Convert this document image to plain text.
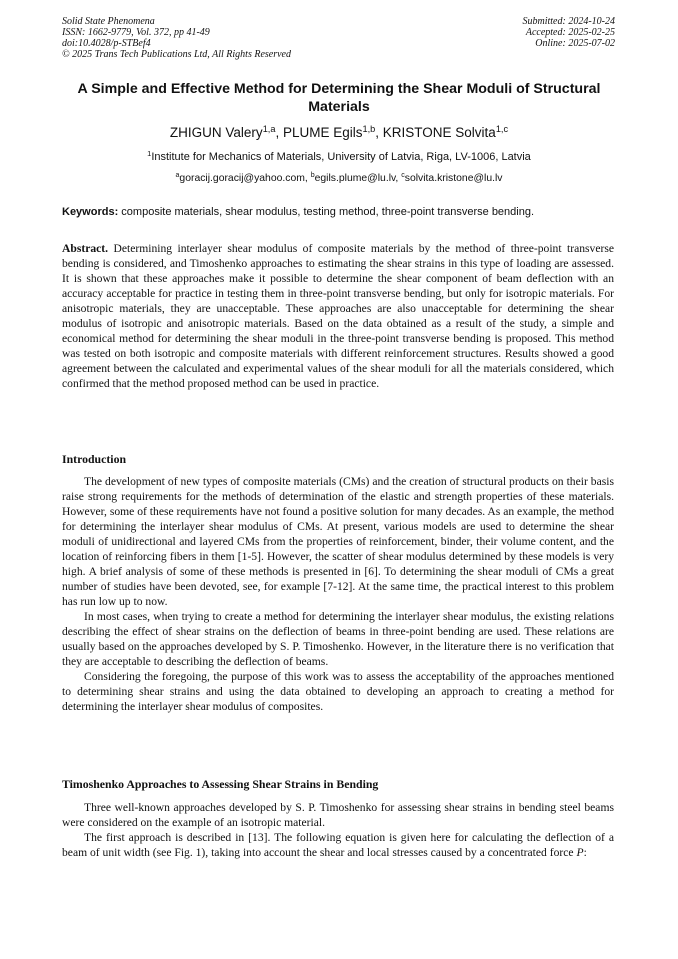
Solid State Phenomena
ISSN: 1662-9779, Vol. 372, pp 41-49
doi:10.4028/p-STBef4
© 2025 Trans Tech Publications Ltd, All Rights Reserved
Submitted: 2024-10-24
Accepted: 2025-02-25
Online: 2025-07-02
A Simple and Effective Method for Determining the Shear Moduli of Structural Materials
ZHIGUN Valery$^{1,a}$, PLUME Egils$^{1,b}$, KRISTONE Solvita$^{1,c}$
$^1$Institute for Mechanics of Materials, University of Latvia, Riga, LV-1006, Latvia
$^a$goracij.goracij@yahoo.com, $^b$egils.plume@lu.lv, $^c$solvita.kristone@lu.lv
Keywords: composite materials, shear modulus, testing method, three-point transverse bending.
Abstract. Determining interlayer shear modulus of composite materials by the method of three-point transverse bending is considered, and Timoshenko approaches to estimating the shear strains in this type of loading are assessed. It is shown that these approaches make it possible to determine the shear component of beam deflection with an accuracy acceptable for practice in testing them in three-point transverse bending, but only for isotropic materials. For anisotropic materials, they are unacceptable. These approaches are also unacceptable for determining the shear modulus of isotropic and anisotropic materials. Based on the data obtained as a result of the study, a simple and economical method for determining the shear moduli in the three-point transverse bending is proposed. This method was tested on both isotropic and composite materials with different reinforcement structures. Results showed a good agreement between the calculated and experimental values of the shear moduli for all the materials considered, which confirmed that the method proposed method can be used in practice.
Introduction

The development of new types of composite materials (CMs) and the creation of structural products on their basis raise strong requirements for the methods of determination of the elastic and strength properties of these materials. However, some of these requirements have not found a positive solution for many decades. As an example, the method for determining the interlayer shear modulus of CMs. At present, various models are used to determine the shear moduli of unidirectional and layered CMs from the properties of reinforcement, binder, their volume content, and the location of reinforcing fibers in them [1-5]. However, the scatter of shear modulus determined by these models is very high. A brief analysis of some of these methods is presented in [6]. To determining the shear moduli of CMs a great number of studies have been devoted, see, for example [7-12]. At the same time, the practical interest to this problem has run low up to now.

In most cases, when trying to create a method for determining the interlayer shear modulus, the existing relations describing the effect of shear strains on the deflection of beams in three-point bending are used. These relations are usually based on the approaches developed by S. P. Timoshenko. However, in the literature there is no verification that they are acceptable to describing the deflection of beams.

Considering the foregoing, the purpose of this work was to assess the acceptability of the approaches mentioned to determining shear strains and using the data obtained to developing an approach to creating a method for determining the interlayer shear modulus of composites.

Timoshenko Approaches to Assessing Shear Strains in Bending

Three well-known approaches developed by S. P. Timoshenko for assessing shear strains in bending steel beams were considered on the example of an isotropic material.

The first approach is described in [13]. The following equation is given here for calculating the deflection of a beam of unit width (see Fig. 1), taking into account the shear and local stresses caused by a concentrated force P:
